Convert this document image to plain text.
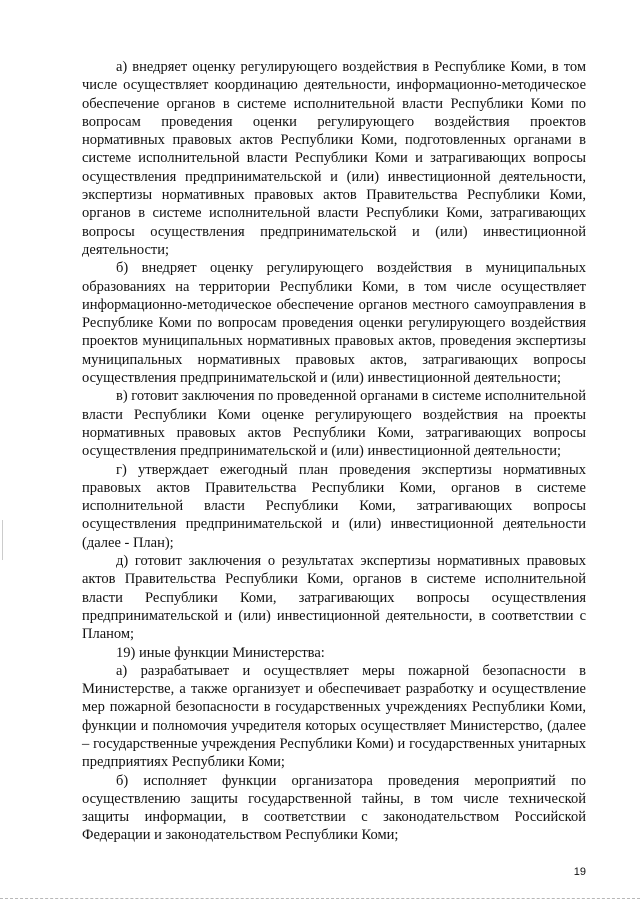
а) внедряет оценку регулирующего воздействия в Республике Коми, в том числе осуществляет координацию деятельности, информационно-методическое обеспечение органов в системе исполнительной власти Республики Коми по вопросам проведения оценки регулирующего воздействия проектов нормативных правовых актов Республики Коми, подготовленных органами в системе исполнительной власти Республики Коми и затрагивающих вопросы осуществления предпринимательской и (или) инвестиционной деятельности, экспертизы нормативных правовых актов Правительства Республики Коми, органов в системе исполнительной власти Республики Коми, затрагивающих вопросы осуществления предпринимательской и (или) инвестиционной деятельности;

б) внедряет оценку регулирующего воздействия в муниципальных образованиях на территории Республики Коми, в том числе осуществляет информационно-методическое обеспечение органов местного самоуправления в Республике Коми по вопросам проведения оценки регулирующего воздействия проектов муниципальных нормативных правовых актов, проведения экспертизы муниципальных нормативных правовых актов, затрагивающих вопросы осуществления предпринимательской и (или) инвестиционной деятельности;

в) готовит заключения по проведенной органами в системе исполнительной власти Республики Коми оценке регулирующего воздействия на проекты нормативных правовых актов Республики Коми, затрагивающих вопросы осуществления предпринимательской и (или) инвестиционной деятельности;

г) утверждает ежегодный план проведения экспертизы нормативных правовых актов Правительства Республики Коми, органов в системе исполнительной власти Республики Коми, затрагивающих вопросы осуществления предпринимательской и (или) инвестиционной деятельности (далее - План);

д) готовит заключения о результатах экспертизы нормативных правовых актов Правительства Республики Коми, органов в системе исполнительной власти Республики Коми, затрагивающих вопросы осуществления предпринимательской и (или) инвестиционной деятельности, в соответствии с Планом;

19) иные функции Министерства:

а) разрабатывает и осуществляет меры пожарной безопасности в Министерстве, а также организует и обеспечивает разработку и осуществление мер пожарной безопасности в государственных учреждениях Республики Коми, функции и полномочия учредителя которых осуществляет Министерство, (далее – государственные учреждения Республики Коми) и государственных унитарных предприятиях Республики Коми;

б) исполняет функции организатора проведения мероприятий по осуществлению защиты государственной тайны, в том числе технической защиты информации, в соответствии с законодательством Российской Федерации и законодательством Республики Коми;

19
